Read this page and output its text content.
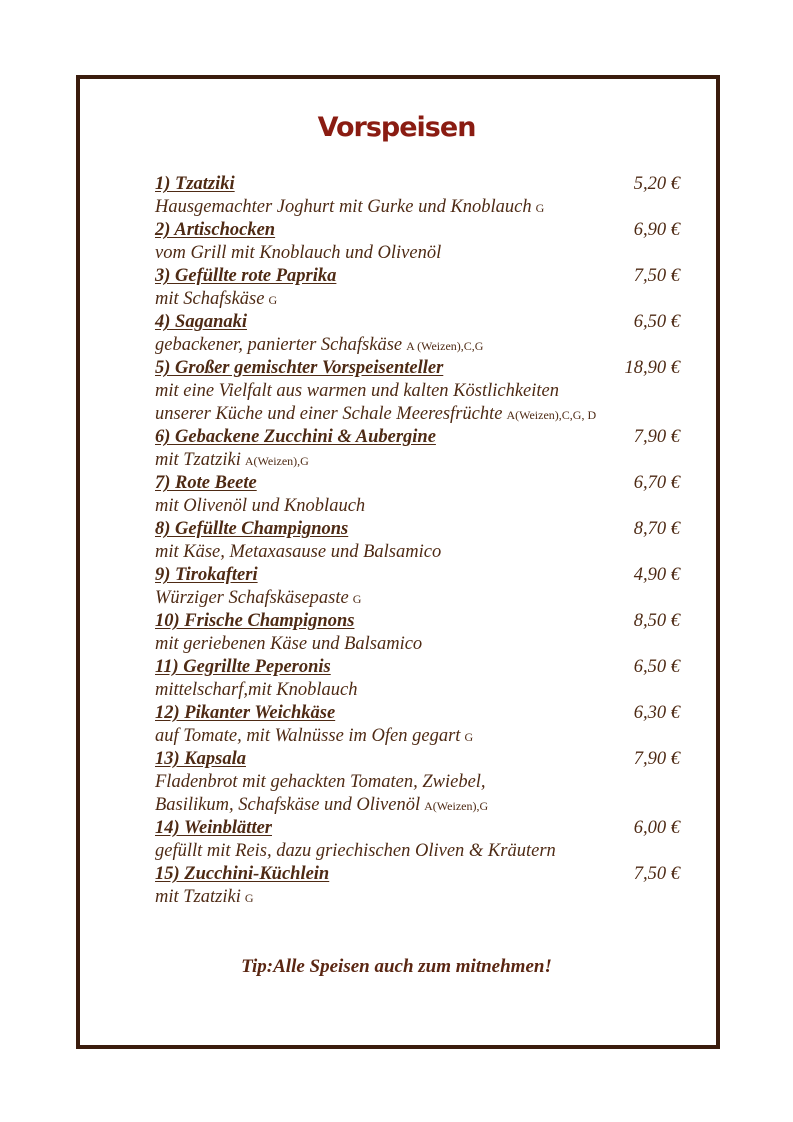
Vorspeisen
1) Tzatziki	5,20 €
Hausgemachter Joghurt mit Gurke und Knoblauch G
2) Artischocken	6,90 €
vom Grill mit Knoblauch und Olivenöl
3) Gefüllte rote Paprika	7,50 €
mit Schafskäse G
4) Saganaki	6,50 €
gebackener, panierter Schafskäse A (Weizen),C,G
5) Großer gemischter Vorspeisenteller	18,90 €
mit eine Vielfalt aus warmen und kalten Köstlichkeiten
unserer Küche und einer Schale Meeresfrüchte A(Weizen),C,G, D
6) Gebackene Zucchini & Aubergine	7,90 €
mit Tzatziki A(Weizen),G
7) Rote Beete	6,70 €
mit Olivenöl und Knoblauch
8) Gefüllte Champignons	8,70 €
mit Käse, Metaxasause und Balsamico
9) Tirokafteri	4,90 €
Würziger Schafskäsepaste G
10) Frische Champignons	8,50 €
mit geriebenen Käse und Balsamico
11) Gegrillte Peperonis	6,50 €
mittelscharf,mit Knoblauch
12) Pikanter Weichkäse	6,30 €
auf Tomate, mit Walnüsse im Ofen gegart G
13) Kapsala	7,90 €
Fladenbrot mit gehackten Tomaten, Zwiebel,
Basilikum, Schafskäse und Olivenöl A(Weizen),G
14) Weinblätter	6,00 €
gefüllt mit Reis, dazu griechischen Oliven & Kräutern
15) Zucchini-Küchlein	7,50 €
mit Tzatziki G
Tip:Alle Speisen auch zum mitnehmen!
